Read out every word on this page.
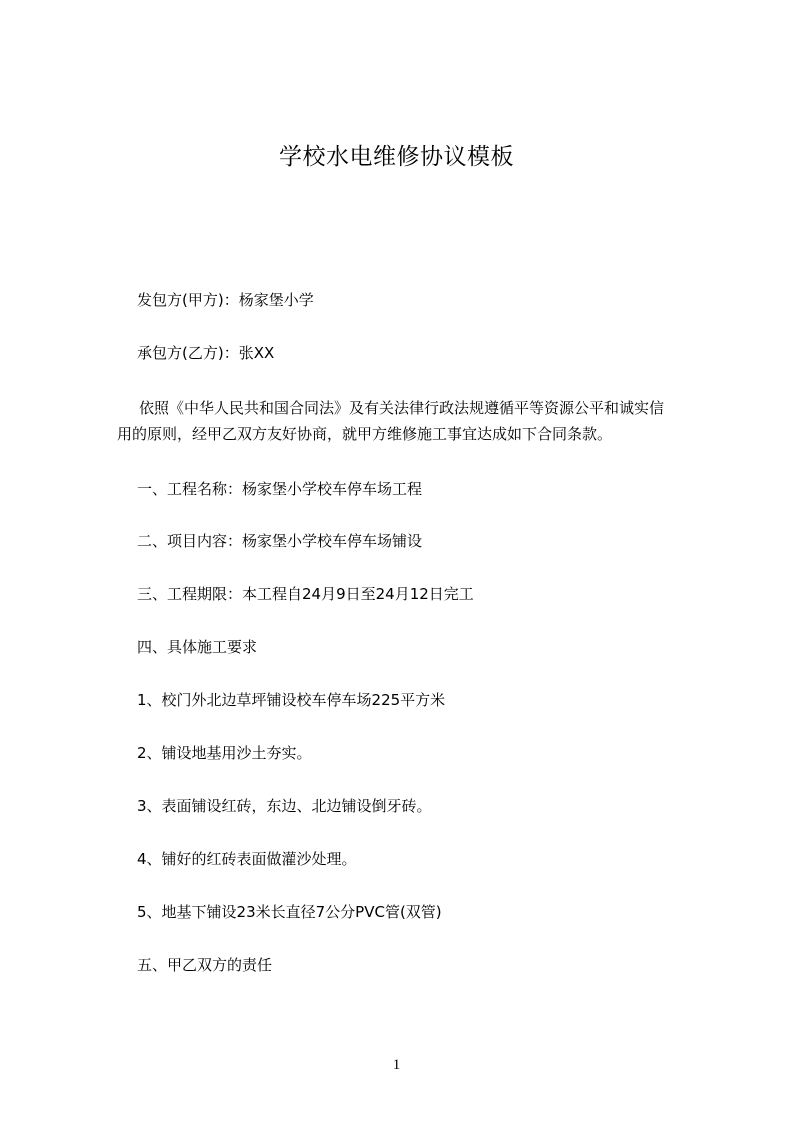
学校水电维修协议模板
发包方(甲方)：杨家堡小学
承包方(乙方)：张XX
依照《中华人民共和国合同法》及有关法律行政法规遵循平等资源公平和诚实信
用的原则，经甲乙双方友好协商，就甲方维修施工事宜达成如下合同条款。
一、工程名称：杨家堡小学校车停车场工程
二、项目内容：杨家堡小学校车停车场铺设
三、工程期限：本工程自24月9日至24月12日完工
四、具体施工要求
1、校门外北边草坪铺设校车停车场225平方米
2、铺设地基用沙土夯实。
3、表面铺设红砖，东边、北边铺设倒牙砖。
4、铺好的红砖表面做灌沙处理。
5、地基下铺设23米长直径7公分PVC管(双管)
五、甲乙双方的责任
1
